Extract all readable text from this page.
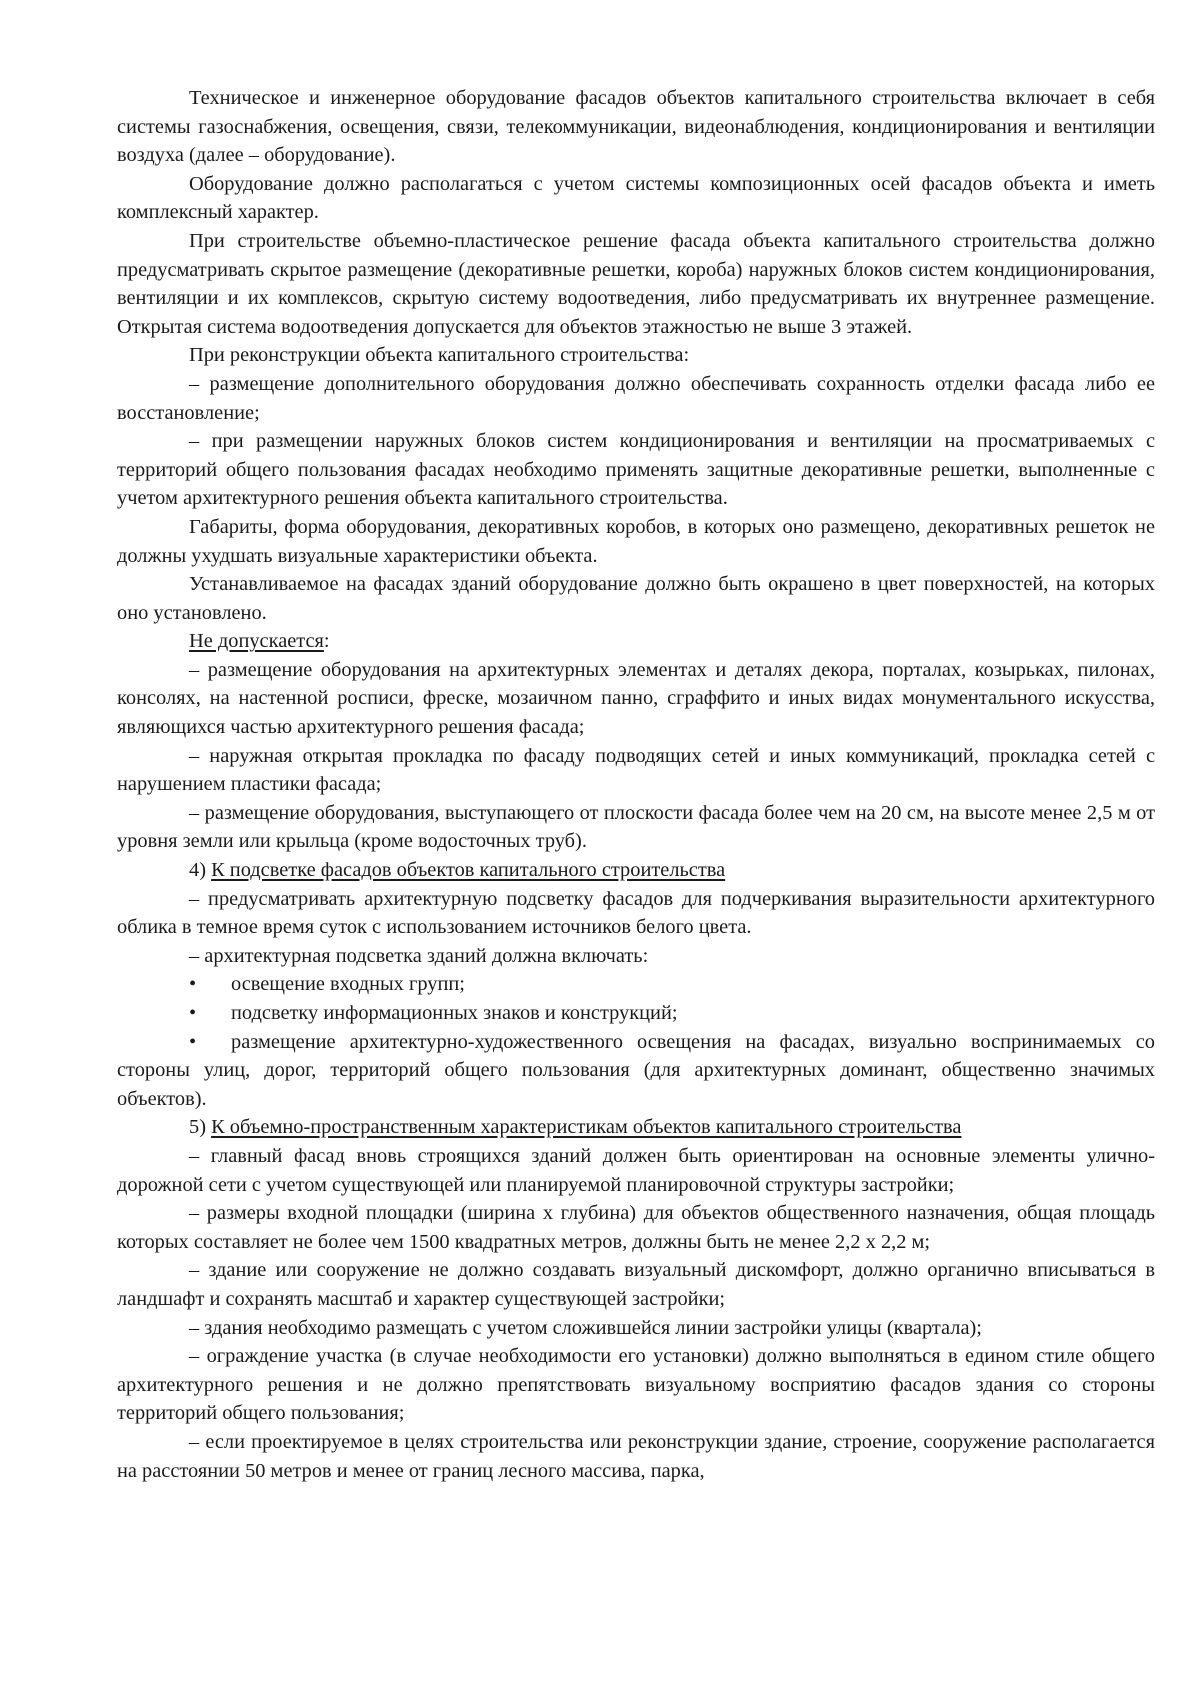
Техническое и инженерное оборудование фасадов объектов капитального строительства включает в себя системы газоснабжения, освещения, связи, телекоммуникации, видеонаблюдения, кондиционирования и вентиляции воздуха (далее – оборудование).

Оборудование должно располагаться с учетом системы композиционных осей фасадов объекта и иметь комплексный характер.

При строительстве объемно-пластическое решение фасада объекта капитального строительства должно предусматривать скрытое размещение (декоративные решетки, короба) наружных блоков систем кондиционирования, вентиляции и их комплексов, скрытую систему водоотведения, либо предусматривать их внутреннее размещение. Открытая система водоотведения допускается для объектов этажностью не выше 3 этажей.

При реконструкции объекта капитального строительства:

– размещение дополнительного оборудования должно обеспечивать сохранность отделки фасада либо ее восстановление;

– при размещении наружных блоков систем кондиционирования и вентиляции на просматриваемых с территорий общего пользования фасадах необходимо применять защитные декоративные решетки, выполненные с учетом архитектурного решения объекта капитального строительства.

Габариты, форма оборудования, декоративных коробов, в которых оно размещено, декоративных решеток не должны ухудшать визуальные характеристики объекта.

Устанавливаемое на фасадах зданий оборудование должно быть окрашено в цвет поверхностей, на которых оно установлено.

Не допускается:

– размещение оборудования на архитектурных элементах и деталях декора, порталах, козырьках, пилонах, консолях, на настенной росписи, фреске, мозаичном панно, сграффито и иных видах монументального искусства, являющихся частью архитектурного решения фасада;

– наружная открытая прокладка по фасаду подводящих сетей и иных коммуникаций, прокладка сетей с нарушением пластики фасада;

– размещение оборудования, выступающего от плоскости фасада более чем на 20 см, на высоте менее 2,5 м от уровня земли или крыльца (кроме водосточных труб).

4) К подсветке фасадов объектов капитального строительства

– предусматривать архитектурную подсветку фасадов для подчеркивания выразительности архитектурного облика в темное время суток с использованием источников белого цвета.

– архитектурная подсветка зданий должна включать:

• освещение входных групп;

• подсветку информационных знаков и конструкций;

• размещение архитектурно-художественного освещения на фасадах, визуально воспринимаемых со стороны улиц, дорог, территорий общего пользования (для архитектурных доминант, общественно значимых объектов).

5) К объемно-пространственным характеристикам объектов капитального строительства

– главный фасад вновь строящихся зданий должен быть ориентирован на основные элементы улично-дорожной сети с учетом существующей или планируемой планировочной структуры застройки;

– размеры входной площадки (ширина х глубина) для объектов общественного назначения, общая площадь которых составляет не более чем 1500 квадратных метров, должны быть не менее 2,2 х 2,2 м;

– здание или сооружение не должно создавать визуальный дискомфорт, должно органично вписываться в ландшафт и сохранять масштаб и характер существующей застройки;

– здания необходимо размещать с учетом сложившейся линии застройки улицы (квартала);

– ограждение участка (в случае необходимости его установки) должно выполняться в едином стиле общего архитектурного решения и не должно препятствовать визуальному восприятию фасадов здания со стороны территорий общего пользования;

– если проектируемое в целях строительства или реконструкции здание, строение, сооружение располагается на расстоянии 50 метров и менее от границ лесного массива, парка,
